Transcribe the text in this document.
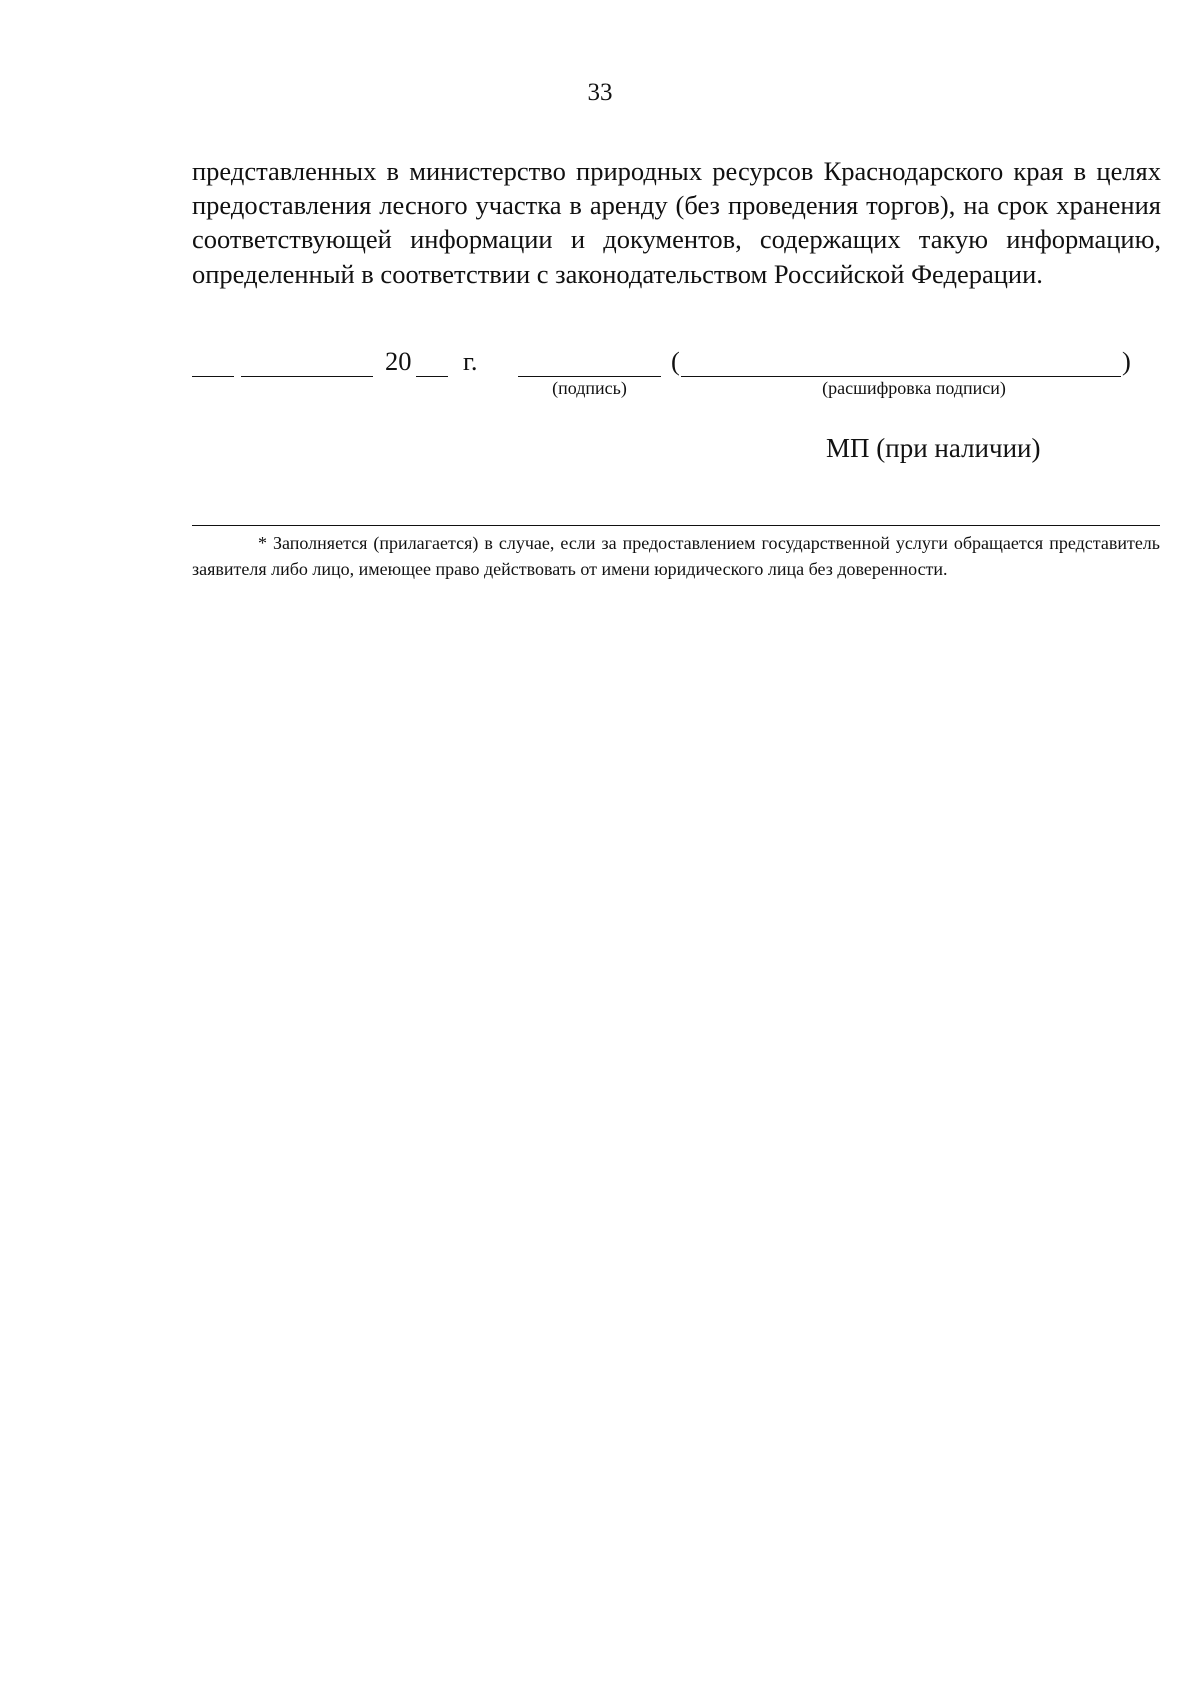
33

представленных в министерство природных ресурсов Краснодарского края в целях предоставления лесного участка в аренду (без проведения торгов), на срок хранения соответствующей информации и документов, содержащих такую информацию, определенный в соответствии с законодательством Российской Федерации.

20 г.	(	)
(подпись)	(расшифровка подписи)
МП (при наличии)

* Заполняется (прилагается) в случае, если за предоставлением государственной услуги обращается представитель заявителя либо лицо, имеющее право действовать от имени юридического лица без доверенности.
